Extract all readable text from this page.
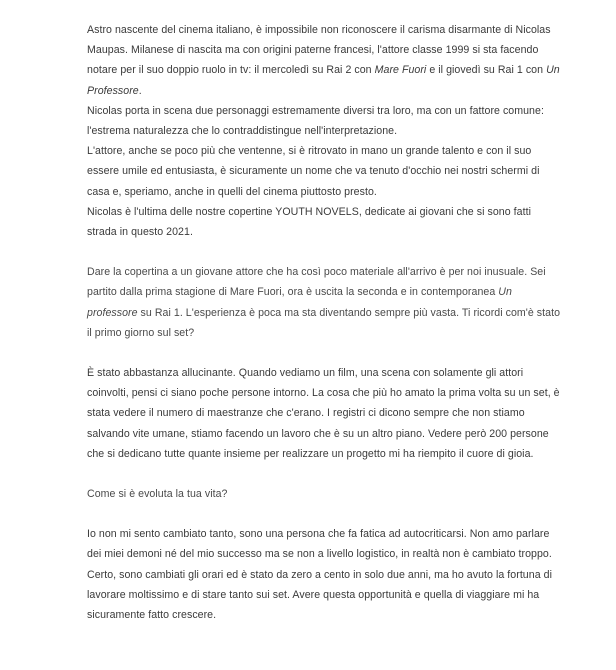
Astro nascente del cinema italiano, è impossibile non riconoscere il carisma disarmante di Nicolas Maupas. Milanese di nascita ma con origini paterne francesi, l'attore classe 1999 si sta facendo notare per il suo doppio ruolo in tv: il mercoledì su Rai 2 con Mare Fuori e il giovedì su Rai 1 con Un Professore.

Nicolas porta in scena due personaggi estremamente diversi tra loro, ma con un fattore comune: l'estrema naturalezza che lo contraddistingue nell'interpretazione.

L'attore, anche se poco più che ventenne, si è ritrovato in mano un grande talento e con il suo essere umile ed entusiasta, è sicuramente un nome che va tenuto d'occhio nei nostri schermi di casa e, speriamo, anche in quelli del cinema piuttosto presto.

Nicolas è l'ultima delle nostre copertine YOUTH NOVELS, dedicate ai giovani che si sono fatti strada in questo 2021.

Dare la copertina a un giovane attore che ha così poco materiale all'arrivo è per noi inusuale. Sei partito dalla prima stagione di Mare Fuori, ora è uscita la seconda e in contemporanea Un professore su Rai 1. L'esperienza è poca ma sta diventando sempre più vasta. Ti ricordi com'è stato il primo giorno sul set?

È stato abbastanza allucinante. Quando vediamo un film, una scena con solamente gli attori coinvolti, pensi ci siano poche persone intorno. La cosa che più ho amato la prima volta su un set, è stata vedere il numero di maestranze che c'erano. I registri ci dicono sempre che non stiamo salvando vite umane, stiamo facendo un lavoro che è su un altro piano. Vedere però 200 persone che si dedicano tutte quante insieme per realizzare un progetto mi ha riempito il cuore di gioia.

Come si è evoluta la tua vita?

Io non mi sento cambiato tanto, sono una persona che fa fatica ad autocriticarsi. Non amo parlare dei miei demoni né del mio successo ma se non a livello logistico, in realtà non è cambiato troppo. Certo, sono cambiati gli orari ed è stato da zero a cento in solo due anni, ma ho avuto la fortuna di lavorare moltissimo e di stare tanto sui set. Avere questa opportunità e quella di viaggiare mi ha sicuramente fatto crescere.
